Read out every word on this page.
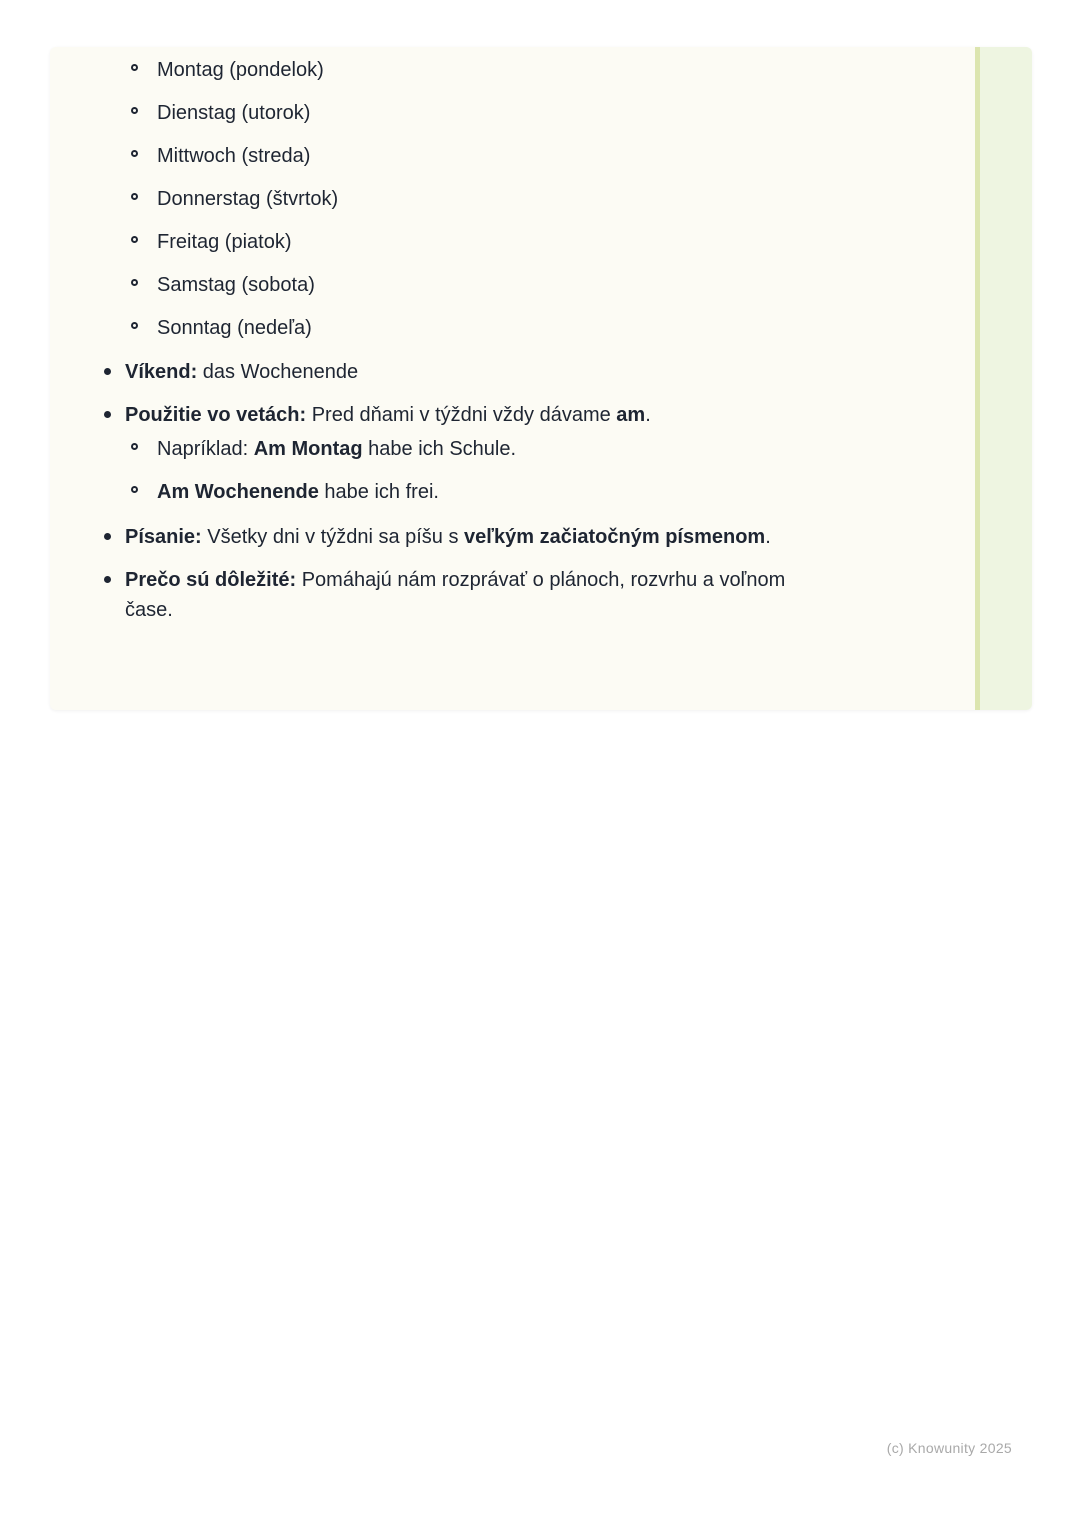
Montag (pondelok)
Dienstag (utorok)
Mittwoch (streda)
Donnerstag (štvrtok)
Freitag (piatok)
Samstag (sobota)
Sonntag (nedeľa)
Víkend: das Wochenende
Použitie vo vetách: Pred dňami v týždni vždy dávame am.
Napríklad: Am Montag habe ich Schule.
Am Wochenende habe ich frei.
Písanie: Všetky dni v týždni sa píšu s veľkým začiatočným písmenom.
Prečo sú dôležité: Pomáhajú nám rozprávať o plánoch, rozvrhu a voľnom čase.
(c) Knowunity 2025
